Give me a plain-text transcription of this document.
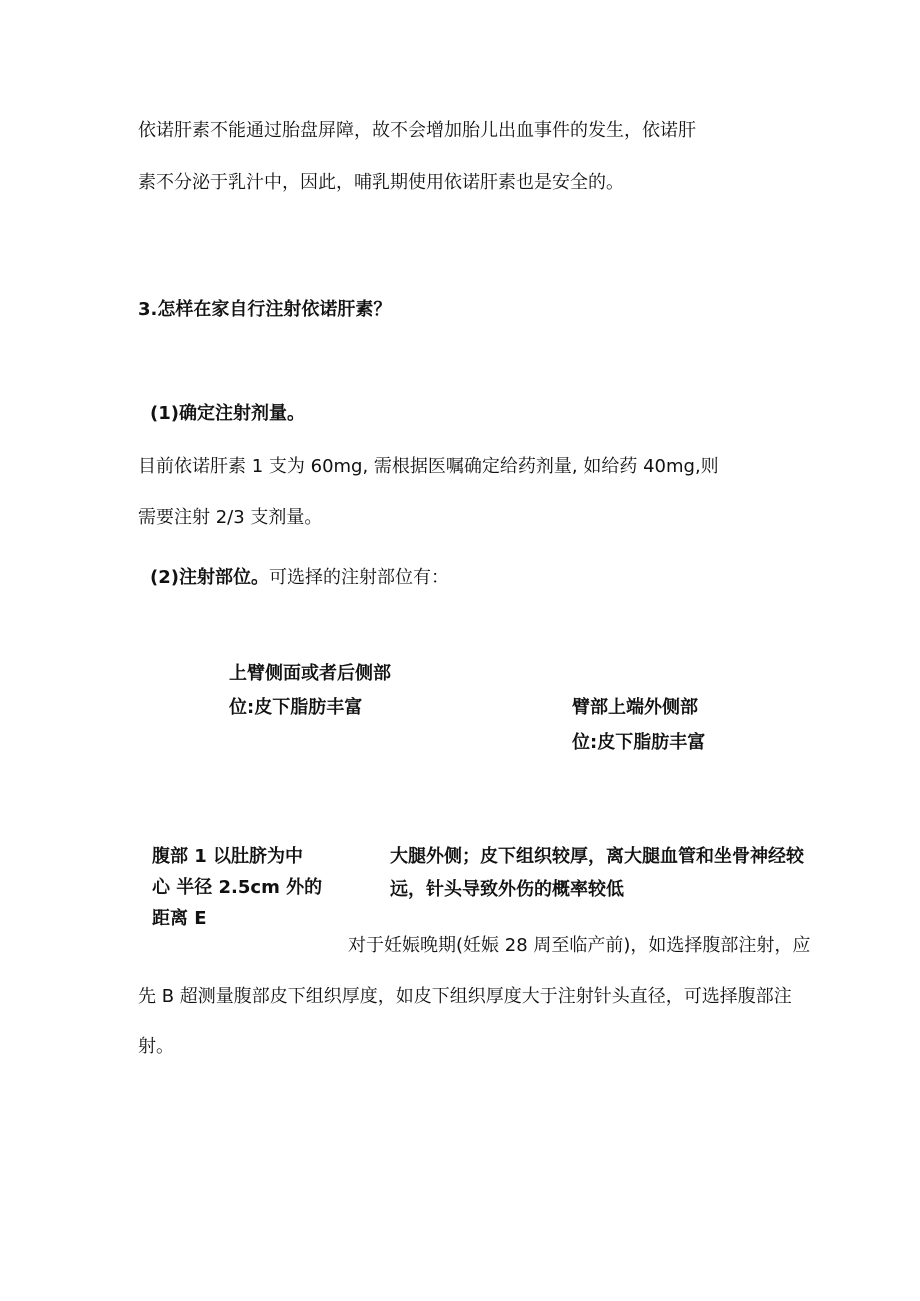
依诺肝素不能通过胎盘屏障，故不会增加胎儿出血事件的发生，依诺肝
素不分泌于乳汁中，因此，哺乳期使用依诺肝素也是安全的。
3.怎样在家自行注射依诺肝素？
(1)确定注射剂量。
目前依诺肝素 1 支为 60mg, 需根据医嘱确定给药剂量, 如给药 40mg,则
需要注射 2/3 支剂量。
(2)注射部位。可选择的注射部位有：
上臂侧面或者后侧部
位:皮下脂肪丰富	臂部上端外侧部
位:皮下脂肪丰富
腹部 1 以肚脐为中
心 半径 2.5cm 外的
距离 E
大腿外侧；皮下组织较厚，离大腿血管和坐骨神经较
远，针头导致外伤的概率较低
对于妊娠晚期(妊娠 28 周至临产前)，如选择腹部注射，应
先 B 超测量腹部皮下组织厚度，如皮下组织厚度大于注射针头直径，可选择腹部注
射。
